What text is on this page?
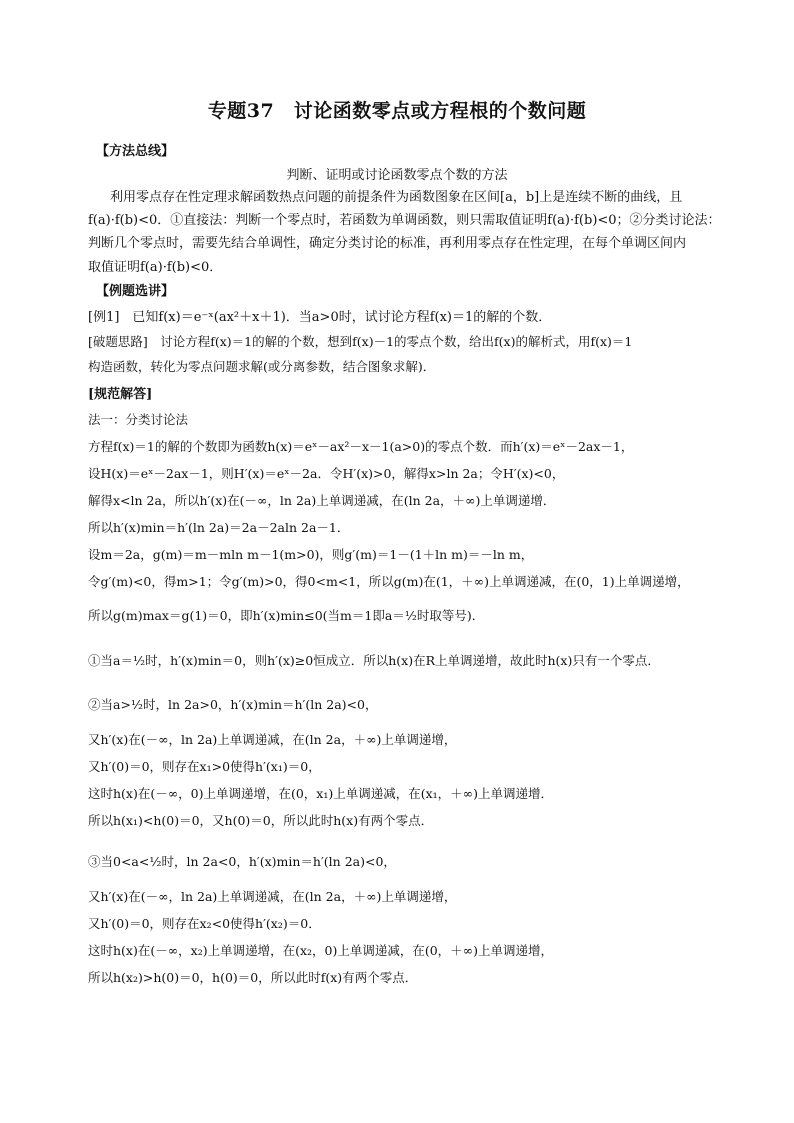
专题37　讨论函数零点或方程根的个数问题
【方法总线】
判断、证明或讨论函数零点个数的方法
利用零点存在性定理求解函数热点问题的前提条件为函数图象在区间[a，b]上是连续不断的曲线，且
f(a)·f(b)<0．①直接法：判断一个零点时，若函数为单调函数，则只需取值证明f(a)·f(b)<0；②分类讨论法：
判断几个零点时，需要先结合单调性，确定分类讨论的标准，再利用零点存在性定理，在每个单调区间内
取值证明f(a)·f(b)<0．
【例题选讲】
[例1]　已知f(x)＝e⁻ˣ(ax²＋x＋1)．当a>0时，试讨论方程f(x)＝1的解的个数．
[破题思路]　讨论方程f(x)＝1的解的个数，想到f(x)－1的零点个数，给出f(x)的解析式，用f(x)＝1
构造函数，转化为零点问题求解(或分离参数，结合图象求解)．
[规范解答]
法一：分类讨论法
方程f(x)＝1的解的个数即为函数h(x)＝eˣ－ax²－x－1(a>0)的零点个数．而h′(x)＝eˣ－2ax－1，
设H(x)＝eˣ－2ax－1，则H′(x)＝eˣ－2a．令H′(x)>0，解得x>ln 2a；令H′(x)<0，
解得x<ln 2a，所以h′(x)在(－∞，ln 2a)上单调递减，在(ln 2a，＋∞)上单调递增．
所以h′(x)min＝h′(ln 2a)＝2a－2aln 2a－1．
设m＝2a，g(m)＝m－mln m－1(m>0)，则g′(m)＝1－(1＋ln m)＝－ln m，
令g′(m)<0，得m>1；令g′(m)>0，得0<m<1，所以g(m)在(1，＋∞)上单调递减，在(0，1)上单调递增，
所以g(m)max＝g(1)＝0，即h′(x)min≤0(当m＝1即a＝½时取等号)．
①当a＝½时，h′(x)min＝0，则h′(x)≥0恒成立．所以h(x)在R上单调递增，故此时h(x)只有一个零点．
②当a>½时，ln 2a>0，h′(x)min＝h′(ln 2a)<0，
又h′(x)在(－∞，ln 2a)上单调递减，在(ln 2a，＋∞)上单调递增，
又h′(0)＝0，则存在x₁>0使得h′(x₁)＝0，
这时h(x)在(－∞，0)上单调递增，在(0，x₁)上单调递减，在(x₁，＋∞)上单调递增．
所以h(x₁)<h(0)＝0，又h(0)＝0，所以此时h(x)有两个零点．
③当0<a<½时，ln 2a<0，h′(x)min＝h′(ln 2a)<0，
又h′(x)在(－∞，ln 2a)上单调递减，在(ln 2a，＋∞)上单调递增，
又h′(0)＝0，则存在x₂<0使得h′(x₂)＝0．
这时h(x)在(－∞，x₂)上单调递增，在(x₂，0)上单调递减，在(0，＋∞)上单调递增，
所以h(x₂)>h(0)＝0，h(0)＝0，所以此时f(x)有两个零点．
